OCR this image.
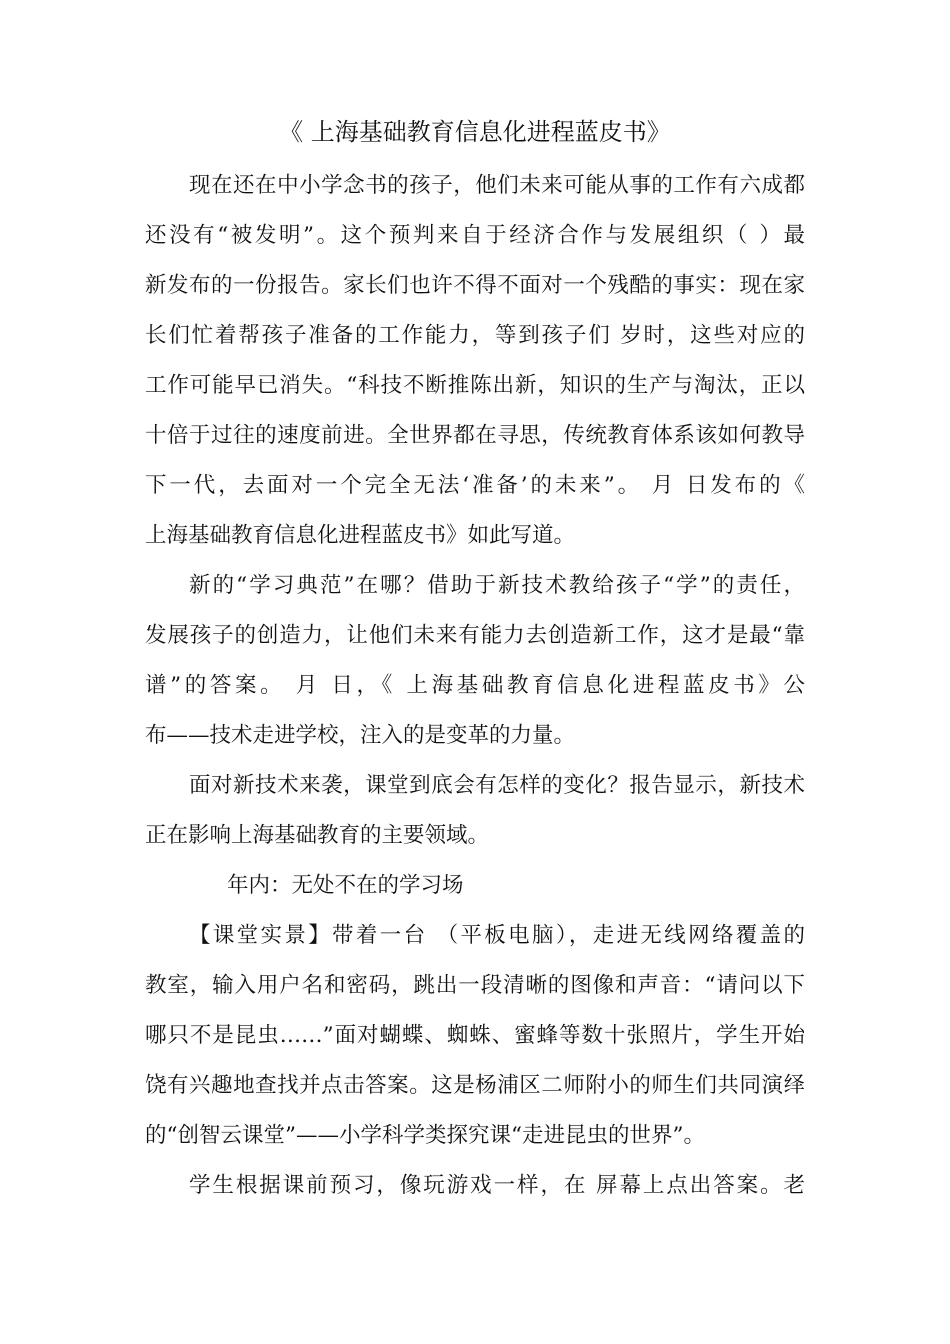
《 上海基础教育信息化进程蓝皮书》
现在还在中小学念书的孩子，他们未来可能从事的工作有六成都
还没有“被发明”。这个预判来自于经济合作与发展组织（ ）最
新发布的一份报告。家长们也许不得不面对一个残酷的事实：现在家
长们忙着帮孩子准备的工作能力，等到孩子们 岁时，这些对应的
工作可能早已消失。“科技不断推陈出新，知识的生产与淘汰，正以
十倍于过往的速度前进。全世界都在寻思，传统教育体系该如何教导
下一代，去面对一个完全无法‘准备’的未来”。 月 日发布的《
上海基础教育信息化进程蓝皮书》如此写道。
新的“学习典范”在哪？借助于新技术教给孩子“学”的责任，
发展孩子的创造力，让他们未来有能力去创造新工作，这才是最“靠
谱”的答案。 月 日，《 上海基础教育信息化进程蓝皮书》公
布——技术走进学校，注入的是变革的力量。
面对新技术来袭，课堂到底会有怎样的变化？报告显示，新技术
正在影响上海基础教育的主要领域。
年内：无处不在的学习场
【课堂实景】带着一台 （平板电脑），走进无线网络覆盖的
教室，输入用户名和密码，跳出一段清晰的图像和声音：“请问以下
哪只不是昆虫……”面对蝴蝶、蜘蛛、蜜蜂等数十张照片，学生开始
饶有兴趣地查找并点击答案。这是杨浦区二师附小的师生们共同演绎
的“创智云课堂”——小学科学类探究课“走进昆虫的世界”。
学生根据课前预习，像玩游戏一样，在 屏幕上点出答案。老
